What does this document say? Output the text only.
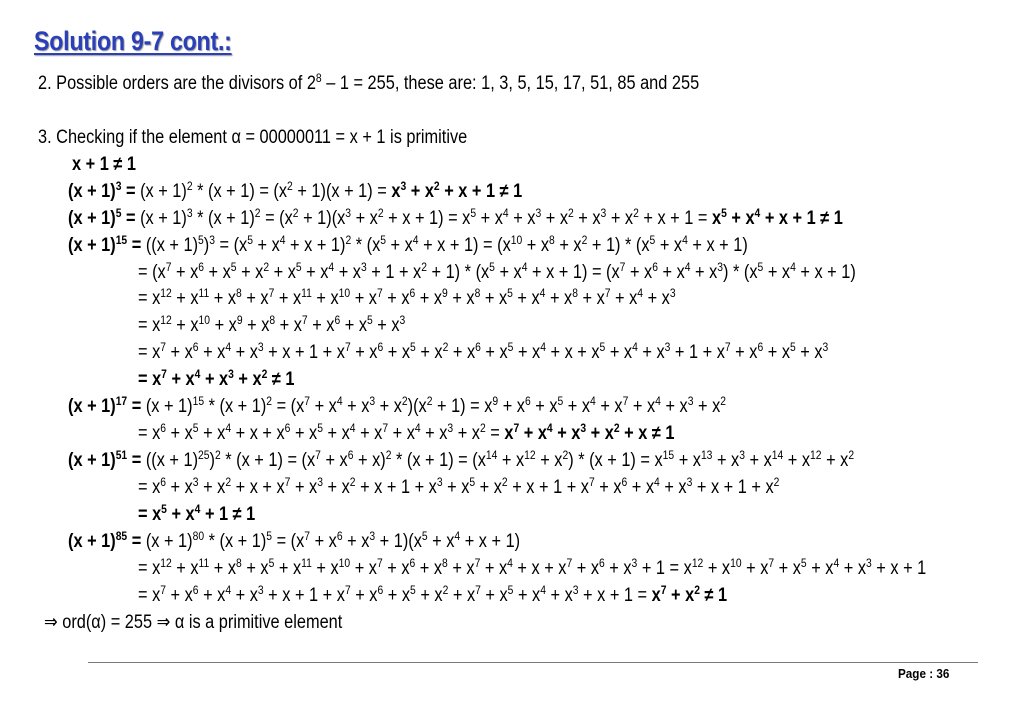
Solution 9-7 cont.:
2. Possible orders are the divisors of $2^8 - 1 = 255$, these are: 1, 3, 5, 15, 17, 51, 85 and 255
3. Checking if the element α = 00000011 = x + 1 is primitive
x + 1 ≠ 1
$(x + 1)^3 = (x + 1)^2 * (x + 1) = (x^2 + 1)(x + 1) = x^3 + x^2 + x + 1 \ne 1$
$(x + 1)^5 = (x + 1)^3 * (x + 1)^2 = (x^2 + 1)(x^3 + x^2 + x + 1) = x^5 + x^4 + x^3 + x^2 + x^3 + x^2 + x + 1 = x^5 + x^4 + x + 1 \ne 1$
$(x + 1)^{15} = ((x + 1)^5)^3 = (x^5 + x^4 + x + 1)^2 * (x^5 + x^4 + x + 1) = (x^{10} + x^8 + x^2 + 1) * (x^5 + x^4 + x + 1)$
= $(x^7 + x^6 + x^5 + x^2 + x^5 + x^4 + x^3 + 1 + x^2 + 1) * (x^5 + x^4 + x + 1) = (x^7 + x^6 + x^4 + x^3) * (x^5 + x^4 + x + 1)$
= $x^{12} + x^{11} + x^8 + x^7 + x^{11} + x^{10} + x^7 + x^6 + x^9 + x^8 + x^5 + x^4 + x^8 + x^7 + x^4 + x^3$
= $x^{12} + x^{10} + x^9 + x^8 + x^7 + x^6 + x^5 + x^3$
= $x^7 + x^6 + x^4 + x^3 + x + 1 + x^7 + x^6 + x^5 + x^2 + x^6 + x^5 + x^4 + x + x^5 + x^4 + x^3 + 1 + x^7 + x^6 + x^5 + x^3$
= $x^7 + x^4 + x^3 + x^2 \ne 1$
$(x + 1)^{17} = (x + 1)^{15} * (x + 1)^2 = (x^7 + x^4 + x^3 + x^2)(x^2 + 1) = x^9 + x^6 + x^5 + x^4 + x^7 + x^4 + x^3 + x^2$
= $x^6 + x^5 + x^4 + x + x^6 + x^5 + x^4 + x^7 + x^4 + x^3 + x^2 = x^7 + x^4 + x^3 + x^2 + x \ne 1$
$(x + 1)^{51} = ((x + 1)^{25})^2 * (x + 1) = (x^7 + x^6 + x)^2 * (x + 1) = (x^{14} + x^{12} + x^2) * (x + 1) = x^{15} + x^{13} + x^3 + x^{14} + x^{12} + x^2$
= $x^6 + x^3 + x^2 + x + x^7 + x^3 + x^2 + x + 1 + x^3 + x^5 + x^2 + x + 1 + x^7 + x^6 + x^4 + x^3 + x + 1 + x^2$
= $x^5 + x^4 + 1 \ne 1$
$(x + 1)^{85} = (x + 1)^{80} * (x + 1)^5 = (x^7 + x^6 + x^3 + 1)(x^5 + x^4 + x + 1)$
= $x^{12} + x^{11} + x^8 + x^5 + x^{11} + x^{10} + x^7 + x^6 + x^8 + x^7 + x^4 + x + x^7 + x^6 + x^3 + 1 = x^{12} + x^{10} + x^7 + x^5 + x^4 + x^3 + x + 1$
= $x^7 + x^6 + x^4 + x^3 + x + 1 + x^7 + x^6 + x^5 + x^2 + x^7 + x^5 + x^4 + x^3 + x + 1 = x^7 + x^2 \ne 1$
⇒ ord(α) = 255 ⇒ α is a primitive element
Page : 36
